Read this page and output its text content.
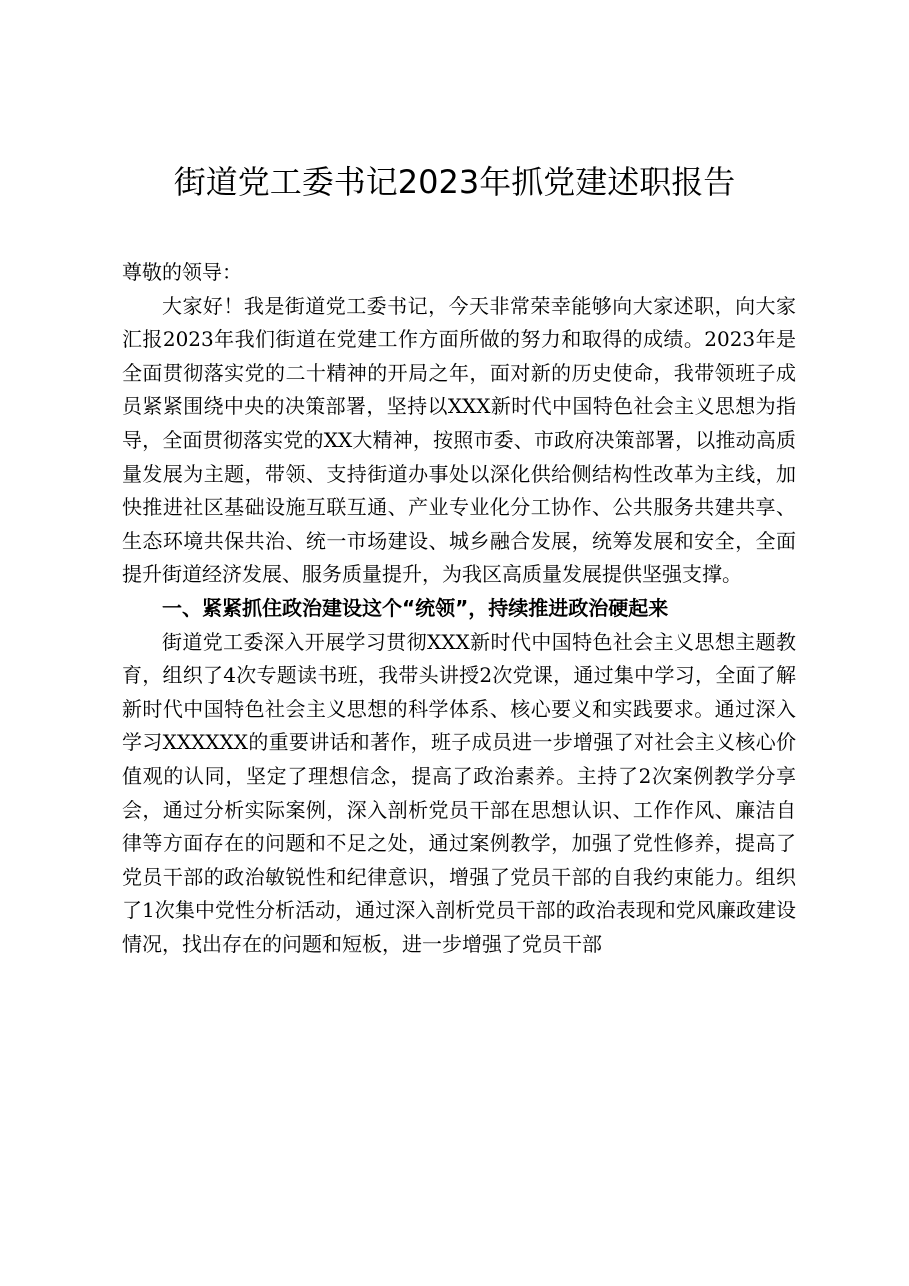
街道党工委书记2023年抓党建述职报告

尊敬的领导：

大家好！我是街道党工委书记，今天非常荣幸能够向大家述职，向大家汇报2023年我们街道在党建工作方面所做的努力和取得的成绩。2023年是全面贯彻落实党的二十精神的开局之年，面对新的历史使命，我带领班子成员紧紧围绕中央的决策部署，坚持以XXX新时代中国特色社会主义思想为指导，全面贯彻落实党的XX大精神，按照市委、市政府决策部署，以推动高质量发展为主题，带领、支持街道办事处以深化供给侧结构性改革为主线，加快推进社区基础设施互联互通、产业专业化分工协作、公共服务共建共享、生态环境共保共治、统一市场建设、城乡融合发展，统筹发展和安全，全面提升街道经济发展、服务质量提升，为我区高质量发展提供坚强支撑。

一、紧紧抓住政治建设这个“统领”，持续推进政治硬起来

街道党工委深入开展学习贯彻XXX新时代中国特色社会主义思想主题教育，组织了4次专题读书班，我带头讲授2次党课，通过集中学习，全面了解新时代中国特色社会主义思想的科学体系、核心要义和实践要求。通过深入学习XXXXXX的重要讲话和著作，班子成员进一步增强了对社会主义核心价值观的认同，坚定了理想信念，提高了政治素养。主持了2次案例教学分享会，通过分析实际案例，深入剖析党员干部在思想认识、工作作风、廉洁自律等方面存在的问题和不足之处，通过案例教学，加强了党性修养，提高了党员干部的政治敏锐性和纪律意识，增强了党员干部的自我约束能力。组织了1次集中党性分析活动，通过深入剖析党员干部的政治表现和党风廉政建设情况，找出存在的问题和短板，进一步增强了党员干部
